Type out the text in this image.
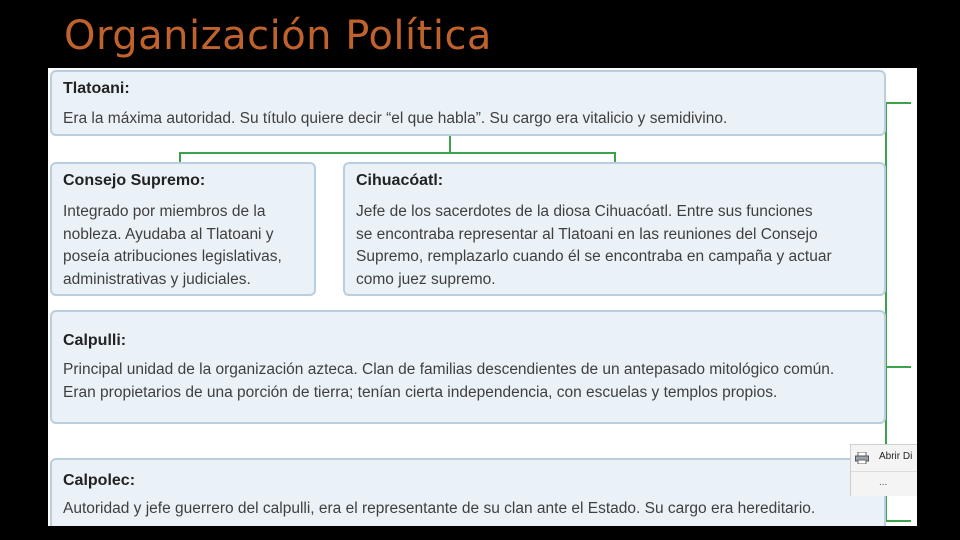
Organización Política
Tlatoani:
Era la máxima autoridad. Su título quiere decir “el que habla”. Su cargo era vitalicio y semidivino.
Consejo Supremo:
Integrado por miembros de la
nobleza. Ayudaba al Tlatoani y
poseía atribuciones legislativas,
administrativas y judiciales.
Cihuacóatl:
Jefe de los sacerdotes de la diosa Cihuacóatl. Entre sus funciones
se encontraba representar al Tlatoani en las reuniones del Consejo
Supremo, remplazarlo cuando él se encontraba en campaña y actuar
como juez supremo.
Calpulli:
Principal unidad de la organización azteca. Clan de familias descendientes de un antepasado mitológico común.
Eran propietarios de una porción de tierra; tenían cierta independencia, con escuelas y templos propios.
Calpolec:
Autoridad y jefe guerrero del calpulli, era el representante de su clan ante el Estado. Su cargo era hereditario.
Abrir Di
...
